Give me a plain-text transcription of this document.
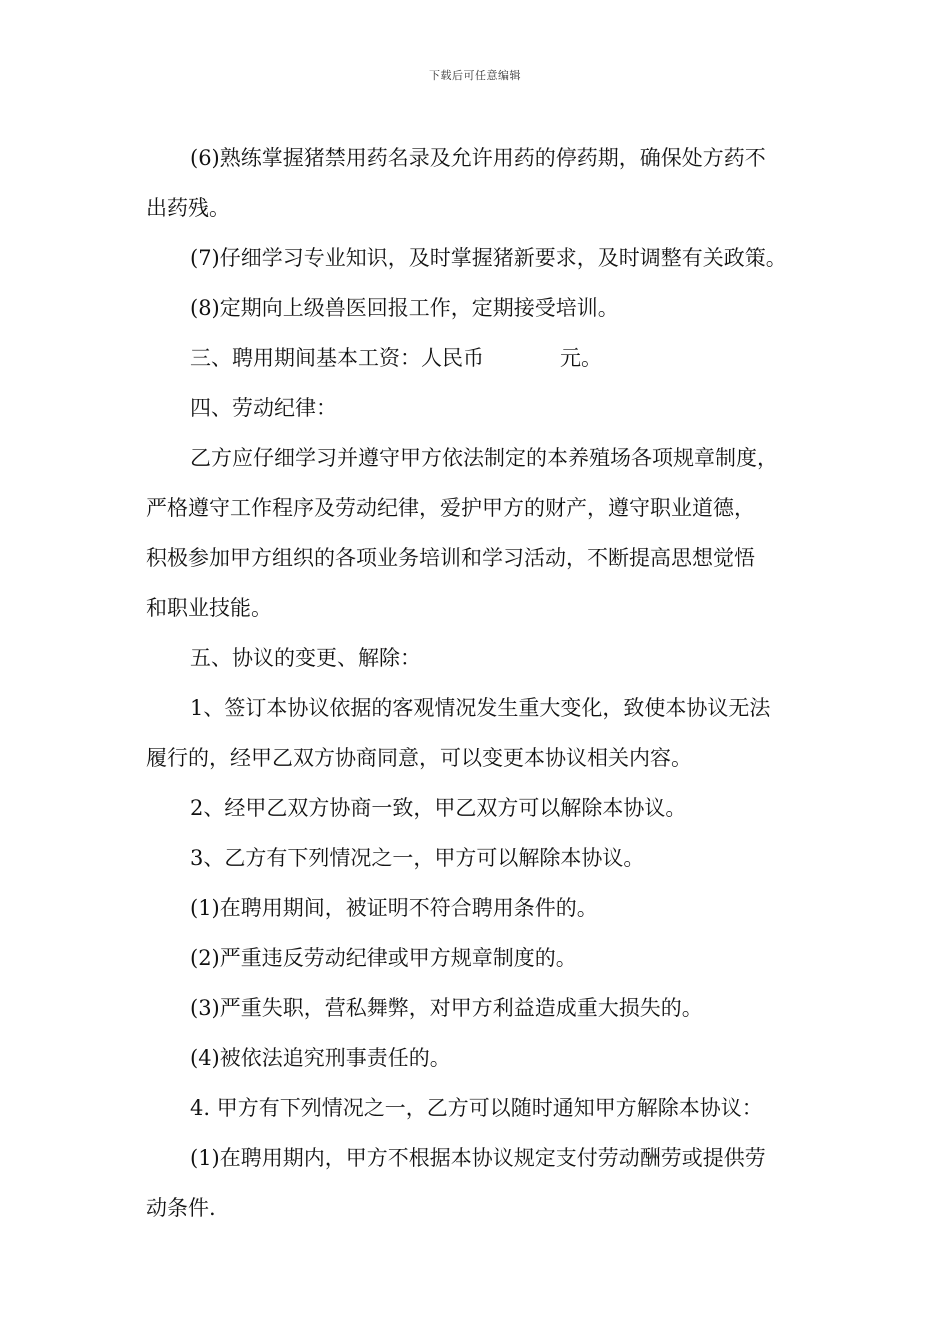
下载后可任意编辑

(6)熟练掌握猪禁用药名录及允许用药的停药期，确保处方药不

出药残。

(7)仔细学习专业知识，及时掌握猪新要求，及时调整有关政策。

(8)定期向上级兽医回报工作，定期接受培训。

三、聘用期间基本工资：人民币	元。

四、劳动纪律：

乙方应仔细学习并遵守甲方依法制定的本养殖场各项规章制度，

严格遵守工作程序及劳动纪律，爱护甲方的财产，遵守职业道德，

积极参加甲方组织的各项业务培训和学习活动，不断提高思想觉悟

和职业技能。

五、协议的变更、解除：

1、签订本协议依据的客观情况发生重大变化，致使本协议无法

履行的，经甲乙双方协商同意，可以变更本协议相关内容。

2、经甲乙双方协商一致，甲乙双方可以解除本协议。

3、乙方有下列情况之一，甲方可以解除本协议。

(1)在聘用期间，被证明不符合聘用条件的。

(2)严重违反劳动纪律或甲方规章制度的。

(3)严重失职，营私舞弊，对甲方利益造成重大损失的。

(4)被依法追究刑事责任的。

4. 甲方有下列情况之一，乙方可以随时通知甲方解除本协议：

(1)在聘用期内，甲方不根据本协议规定支付劳动酬劳或提供劳

动条件.
